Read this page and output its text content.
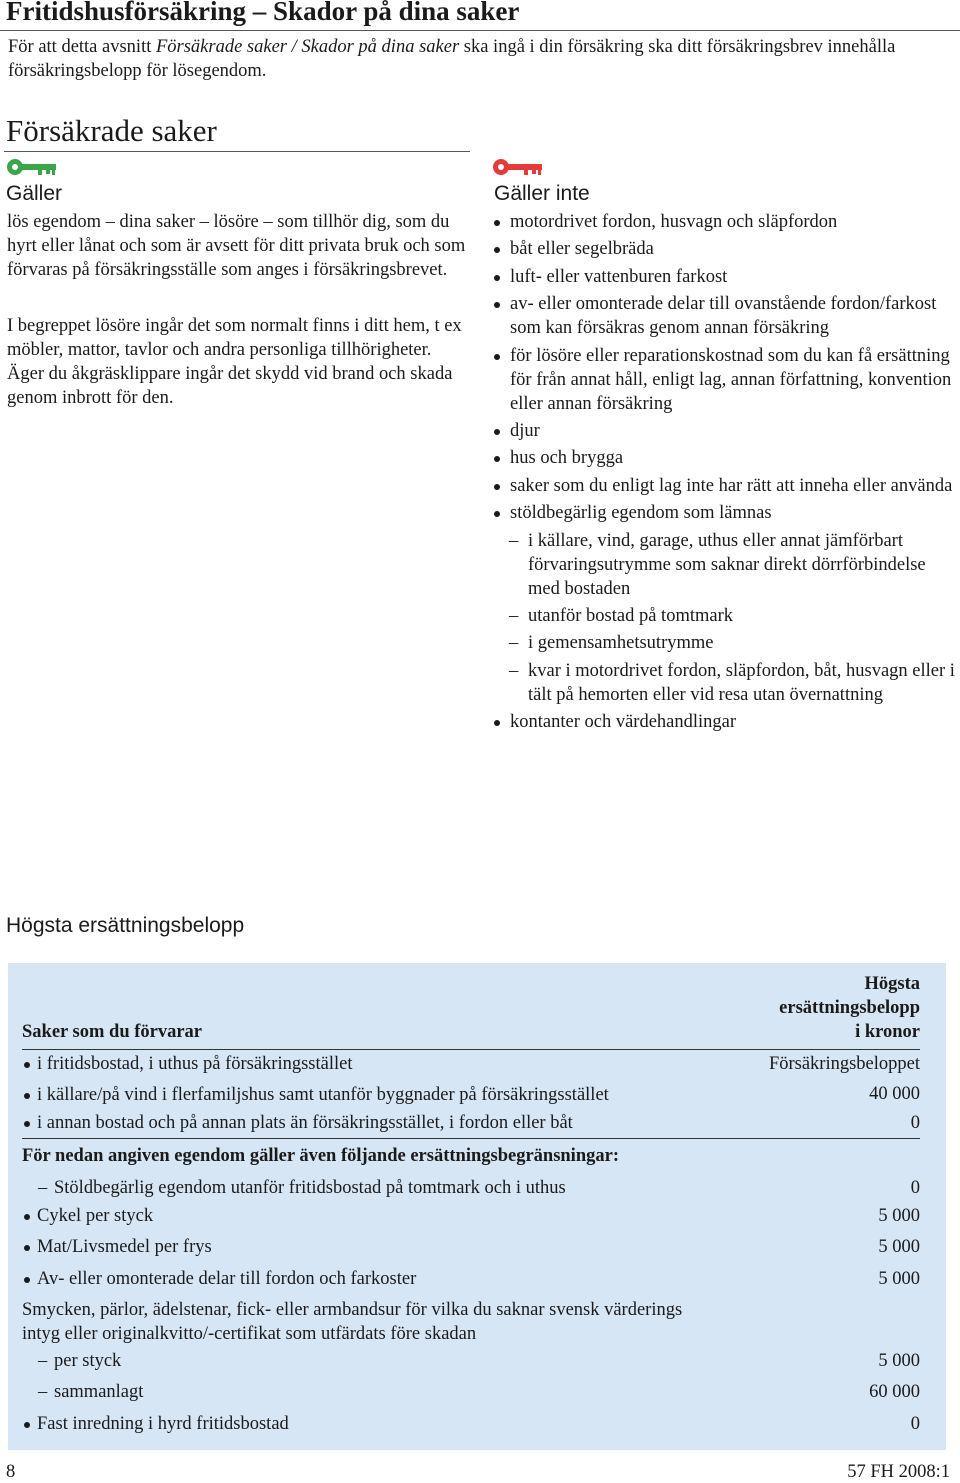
Fritidshusförsäkring – Skador på dina saker
För att detta avsnitt Försäkrade saker / Skador på dina saker ska ingå i din försäkring ska ditt försäkringsbrev innehålla försäkringsbelopp för lösegendom.
Försäkrade saker
Gäller
lös egendom – dina saker – lösöre – som tillhör dig, som du hyrt eller lånat och som är avsett för ditt privata bruk och som förvaras på försäkringsställe som anges i försäkringsbrevet.
I begreppet lösöre ingår det som normalt finns i ditt hem, t ex möbler, mattor, tavlor och andra personliga tillhörigheter. Äger du åkgräsklippare ingår det skydd vid brand och skada genom inbrott för den.
Gäller inte
motordrivet fordon, husvagn och släpfordon
båt eller segelbräda
luft- eller vattenburen farkost
av- eller omonterade delar till ovanstående fordon/farkost som kan försäkras genom annan försäkring
för lösöre eller reparationskostnad som du kan få ersättning för från annat håll, enligt lag, annan författning, konvention eller annan försäkring
djur
hus och brygga
saker som du enligt lag inte har rätt att inneha eller använda
stöldbegärlig egendom som lämnas
– i källare, vind, garage, uthus eller annat jämförbart förvaringsutrymme som saknar direkt dörrförbindelse med bostaden
– utanför bostad på tomtmark
– i gemensamhetsutrymme
– kvar i motordrivet fordon, släpfordon, båt, husvagn eller i tält på hemorten eller vid resa utan övernattning
kontanter och värdehandlingar
Högsta ersättningsbelopp
Saker som du förvarar
Högsta
ersättningsbelopp
i kronor
i fritidsbostad, i uthus på försäkringsstället	Försäkringsbeloppet
i källare/på vind i flerfamiljshus samt utanför byggnader på försäkringsstället	40 000
i annan bostad och på annan plats än försäkringsstället, i fordon eller båt	0
För nedan angiven egendom gäller även följande ersättningsbegränsningar:
– Stöldbegärlig egendom utanför fritidsbostad på tomtmark och i uthus	0
Cykel per styck	5 000
Mat/Livsmedel per frys	5 000
Av- eller omonterade delar till fordon och farkoster	5 000
Smycken, pärlor, ädelstenar, fick- eller armbandsur för vilka du saknar svensk värderings
intyg eller originalkvitto/-certifikat som utfärdats före skadan
– per styck	5 000
– sammanlagt	60 000
Fast inredning i hyrd fritidsbostad	0
8	57 FH 2008:1
